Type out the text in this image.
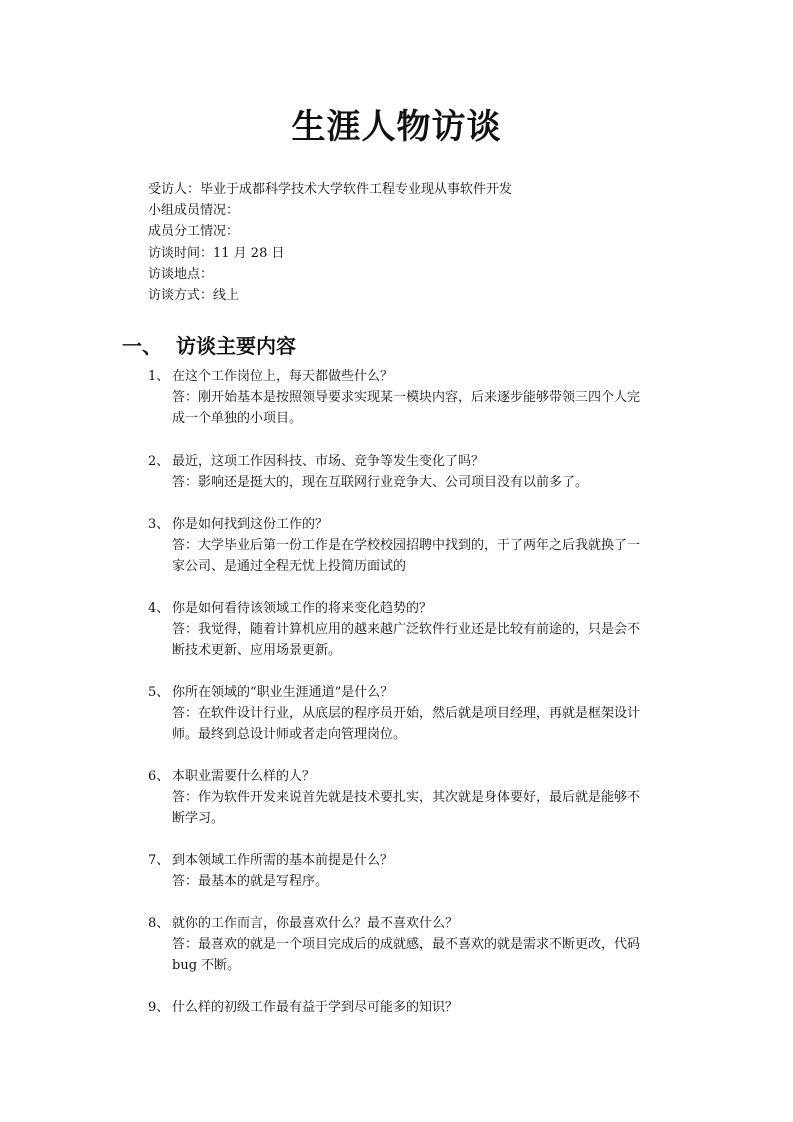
生涯人物访谈
受访人：毕业于成都科学技术大学软件工程专业现从事软件开发
小组成员情况：
成员分工情况：
访谈时间：11 月 28 日
访谈地点：
访谈方式：线上
一、 访谈主要内容
1、 在这个工作岗位上，每天都做些什么？
答：刚开始基本是按照领导要求实现某一模块内容，后来逐步能够带领三四个人完
成一个单独的小项目。
2、 最近，这项工作因科技、市场、竞争等发生变化了吗？
答：影响还是挺大的，现在互联网行业竞争大、公司项目没有以前多了。
3、 你是如何找到这份工作的？
答：大学毕业后第一份工作是在学校校园招聘中找到的，干了两年之后我就换了一
家公司、是通过全程无忧上投简历面试的
4、 你是如何看待该领域工作的将来变化趋势的？
答：我觉得，随着计算机应用的越来越广泛软件行业还是比较有前途的，只是会不
断技术更新、应用场景更新。
5、 你所在领域的“职业生涯通道”是什么？
答：在软件设计行业，从底层的程序员开始，然后就是项目经理，再就是框架设计
师。最终到总设计师或者走向管理岗位。
6、 本职业需要什么样的人？
答：作为软件开发来说首先就是技术要扎实，其次就是身体要好，最后就是能够不
断学习。
7、 到本领域工作所需的基本前提是什么？
答：最基本的就是写程序。
8、 就你的工作而言，你最喜欢什么？最不喜欢什么？
答：最喜欢的就是一个项目完成后的成就感，最不喜欢的就是需求不断更改，代码
bug 不断。
9、 什么样的初级工作最有益于学到尽可能多的知识？
